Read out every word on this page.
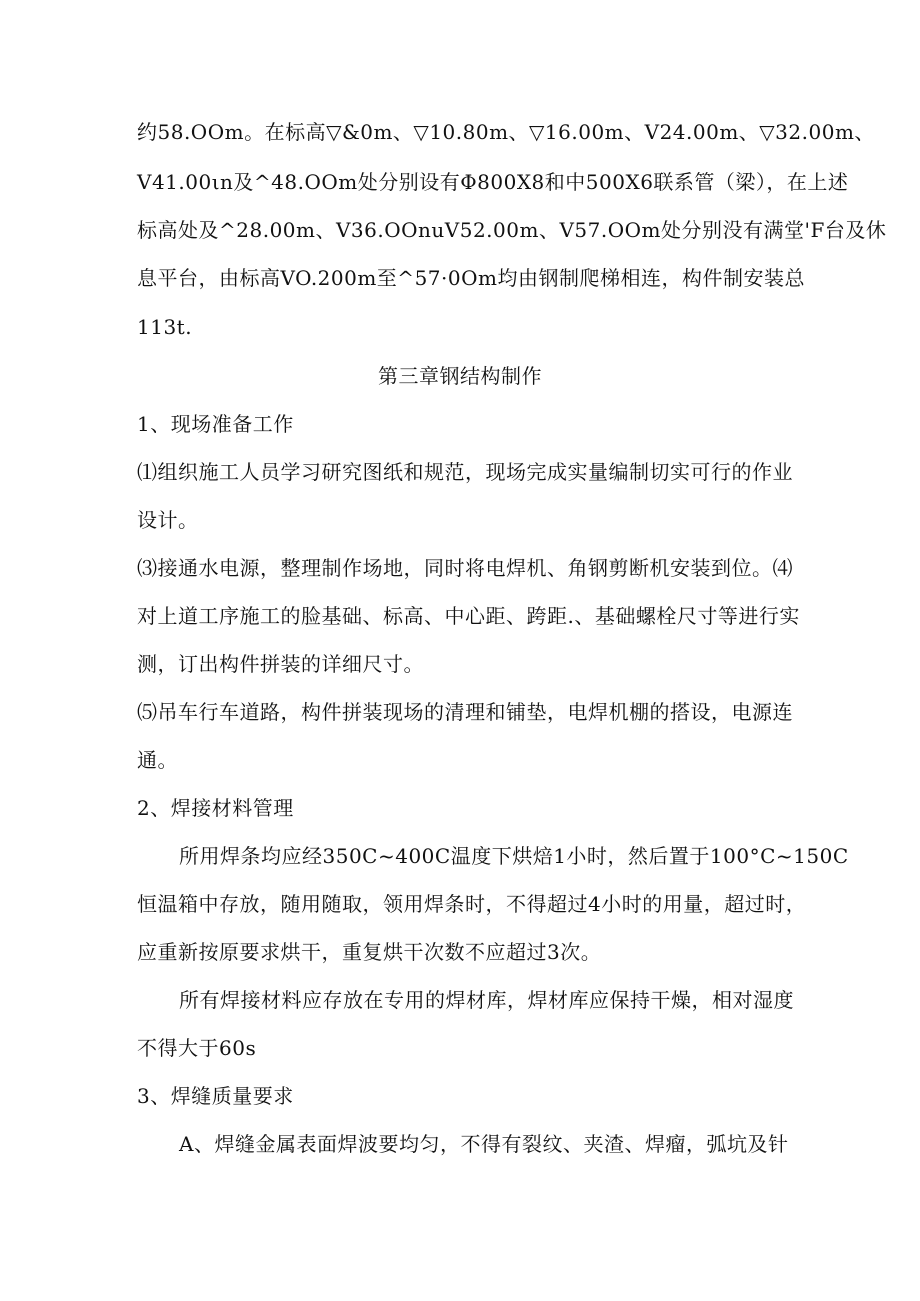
约58.OOm。在标高▽&0m、▽10.80m、▽16.00m、V24.00m、▽32.00m、
V41.00ιn及^48.OOm处分别设有Φ800X8和中500X6联系管（梁），在上述
标高处及^28.00m、V36.OOnuV52.00m、V57.OOm处分别没有满堂'F台及休
息平台，由标高VO.200m至^57·0Om均由钢制爬梯相连，构件制安装总
113t.
第三章钢结构制作
1、现场准备工作
⑴组织施工人员学习研究图纸和规范，现场完成实量编制切实可行的作业
设计。
⑶接通水电源，整理制作场地，同时将电焊机、角钢剪断机安装到位。⑷
对上道工序施工的脸基础、标高、中心距、跨距.、基础螺栓尺寸等进行实
测，订出构件拼装的详细尺寸。
⑸吊车行车道路，构件拼装现场的清理和铺垫，电焊机棚的搭设，电源连
通。
2、焊接材料管理
所用焊条均应经350C~400C温度下烘焙1小时，然后置于100°C~150C
恒温箱中存放，随用随取，领用焊条时，不得超过4小时的用量，超过时，
应重新按原要求烘干，重复烘干次数不应超过3次。
所有焊接材料应存放在专用的焊材库，焊材库应保持干燥，相对湿度
不得大于60s
3、焊缝质量要求
A、焊缝金属表面焊波要均匀，不得有裂纹、夹渣、焊瘤，弧坑及针
